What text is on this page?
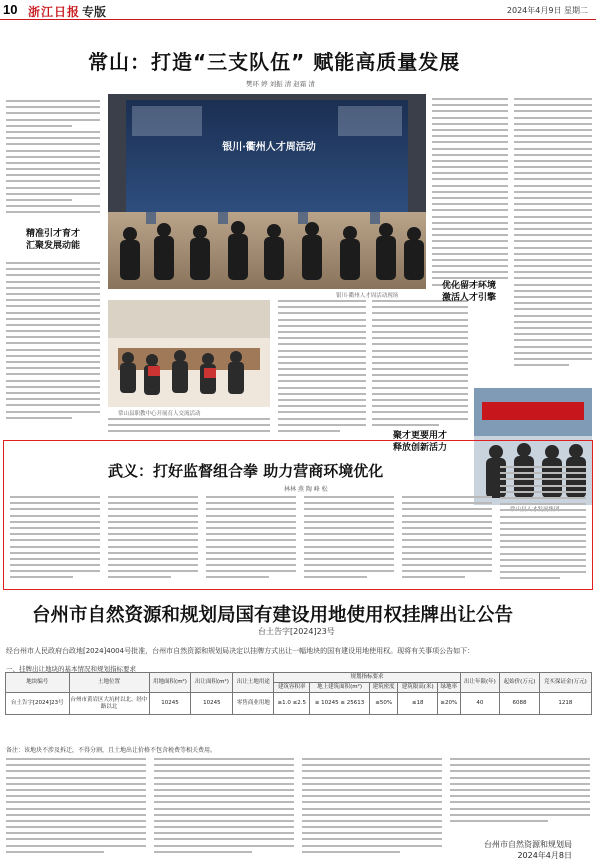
10 浙江日报 专版	2024年4月9日 星期二
常山：打造“三支队伍” 赋能高质量发展
樊环 婷 刘振 清 赵霜 清
精准引才育才
汇聚发展动能
银川·衢州人才周活动
银川·衢州人才周活动现场
常山县职教中心开展育人交流活动
优化留才环境
激活人才引擎
聚才更要用才
释放创新活力
武义：打好监督组合拳 助力营商环境优化
林林 燕 陶 峰 松
台州市自然资源和规划局国有建设用地使用权挂牌出让公告
台土告字[2024]23号
经台州市人民政府台政地[2024]4004号批准，台州市自然资源和规划局决定以挂牌方式出让一幅地块的国有建设用地使用权。现将有关事项公告如下：
一、挂牌出让地块的基本情况和规划指标要求
地块编号	土地位置	用地面积(m²)	出让面积(m²)	出让土地用途	规划指标要求					出让年限(年)	起始价(万元)	竞买保证金(万元)
					建筑容积率	地上建筑面积(m²)	建筑密度	建筑限高(米)	绿地率			
台土告字[2024]23号	台州市黄岩区大坑村以北、经中路以北	10245	10245	零售商业用地	≥1.0 ≤2.5	≥ 10245 ≤ 25613	≤50%	≤18	≥20%	40	6088	1218
备注：该地块不涉及拆迁，不得分割，且土地出让价格不包含税费等相关费用。
台州市自然资源和规划局
2024年4月8日
